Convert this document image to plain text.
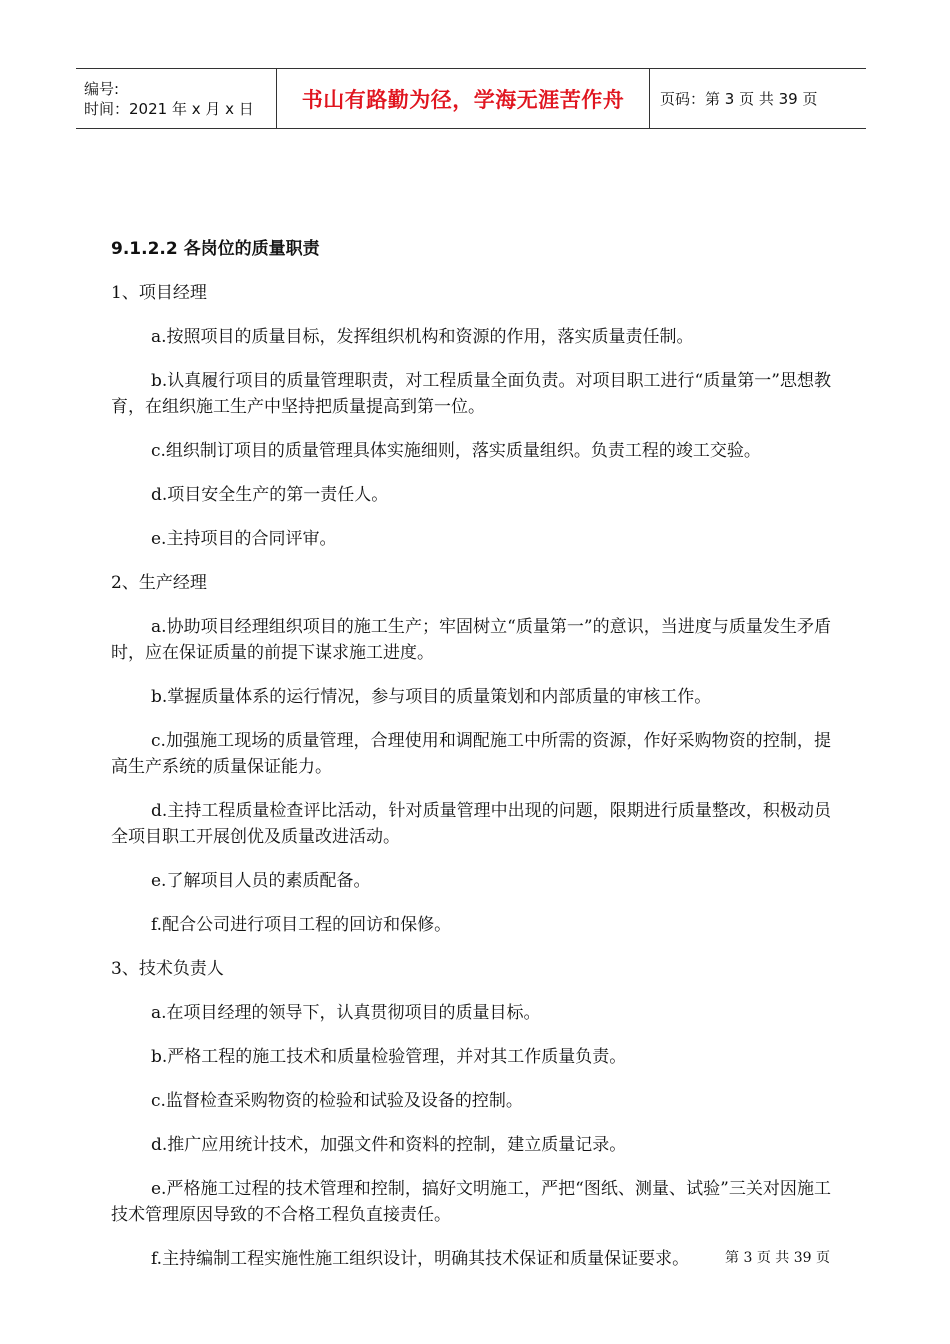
编号:
时间：2021 年 x 月 x 日	书山有路勤为径，学海无涯苦作舟	页码：第 3 页 共 39 页
9.1.2.2 各岗位的质量职责
1、项目经理
a.按照项目的质量目标，发挥组织机构和资源的作用，落实质量责任制。
b.认真履行项目的质量管理职责，对工程质量全面负责。对项目职工进行“质量第一”思想教育，在组织施工生产中坚持把质量提高到第一位。
c.组织制订项目的质量管理具体实施细则，落实质量组织。负责工程的竣工交验。
d.项目安全生产的第一责任人。
e.主持项目的合同评审。
2、生产经理
a.协助项目经理组织项目的施工生产；牢固树立“质量第一”的意识，当进度与质量发生矛盾时，应在保证质量的前提下谋求施工进度。
b.掌握质量体系的运行情况，参与项目的质量策划和内部质量的审核工作。
c.加强施工现场的质量管理，合理使用和调配施工中所需的资源，作好采购物资的控制，提高生产系统的质量保证能力。
d.主持工程质量检查评比活动，针对质量管理中出现的问题，限期进行质量整改，积极动员全项目职工开展创优及质量改进活动。
e.了解项目人员的素质配备。
f.配合公司进行项目工程的回访和保修。
3、技术负责人
a.在项目经理的领导下，认真贯彻项目的质量目标。
b.严格工程的施工技术和质量检验管理，并对其工作质量负责。
c.监督检查采购物资的检验和试验及设备的控制。
d.推广应用统计技术，加强文件和资料的控制，建立质量记录。
e.严格施工过程的技术管理和控制，搞好文明施工，严把“图纸、测量、试验”三关对因施工技术管理原因导致的不合格工程负直接责任。
f.主持编制工程实施性施工组织设计，明确其技术保证和质量保证要求。	第 3 页 共 39 页
